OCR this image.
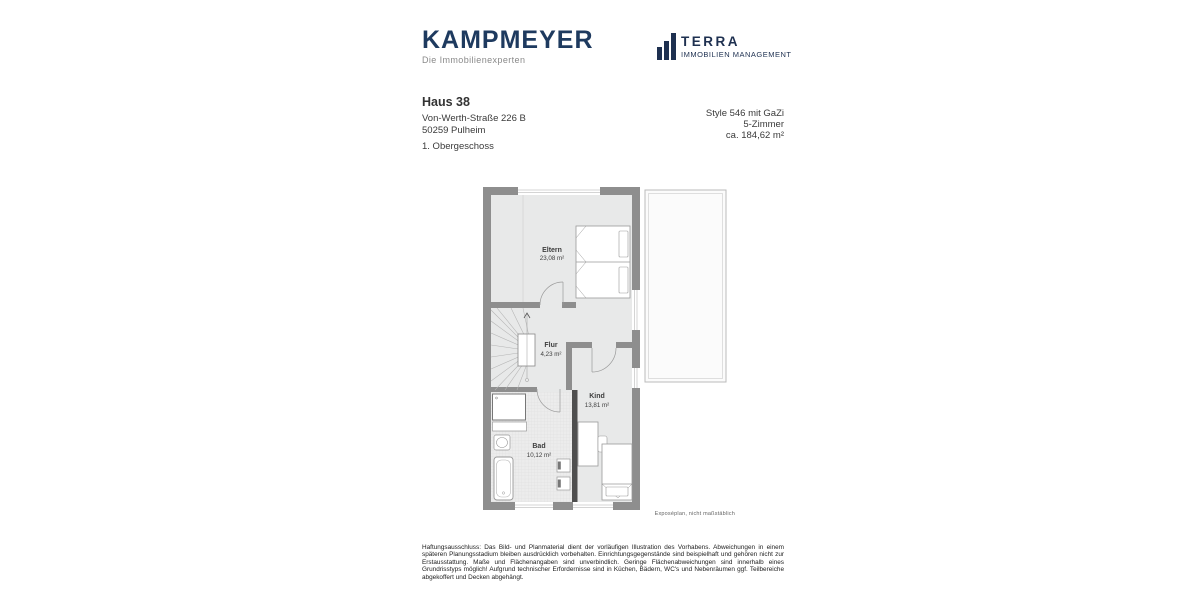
KAMPMEYER
Die Immobilienexperten
TERRA
IMMOBILIEN MANAGEMENT
Haus 38
Von-Werth-Straße 226 B
50259 Pulheim
Style 546 mit GaZi
5-Zimmer
ca. 184,62 m²
1. Obergeschoss
Eltern
23,08 m²
Flur
4,23 m²
Kind
13,81 m²
Bad
10,12 m²
Exposéplan, nicht maßstäblich
Haftungsausschluss: Das Bild- und Planmaterial dient der vorläufigen Illustration des Vorhabens. Abweichungen in einem späteren Planungsstadium bleiben ausdrücklich vorbehalten. Einrichtungsgegenstände sind beispielhaft und gehören nicht zur Erstausstattung. Maße und Flächenangaben sind unverbindlich. Geringe Flächenabweichungen sind innerhalb eines Grundrisstyps möglich! Aufgrund technischer Erfordernisse sind in Küchen, Bädern, WC's und Nebenräumen ggf. Teilbereiche abgekoffert und Decken abgehängt.
